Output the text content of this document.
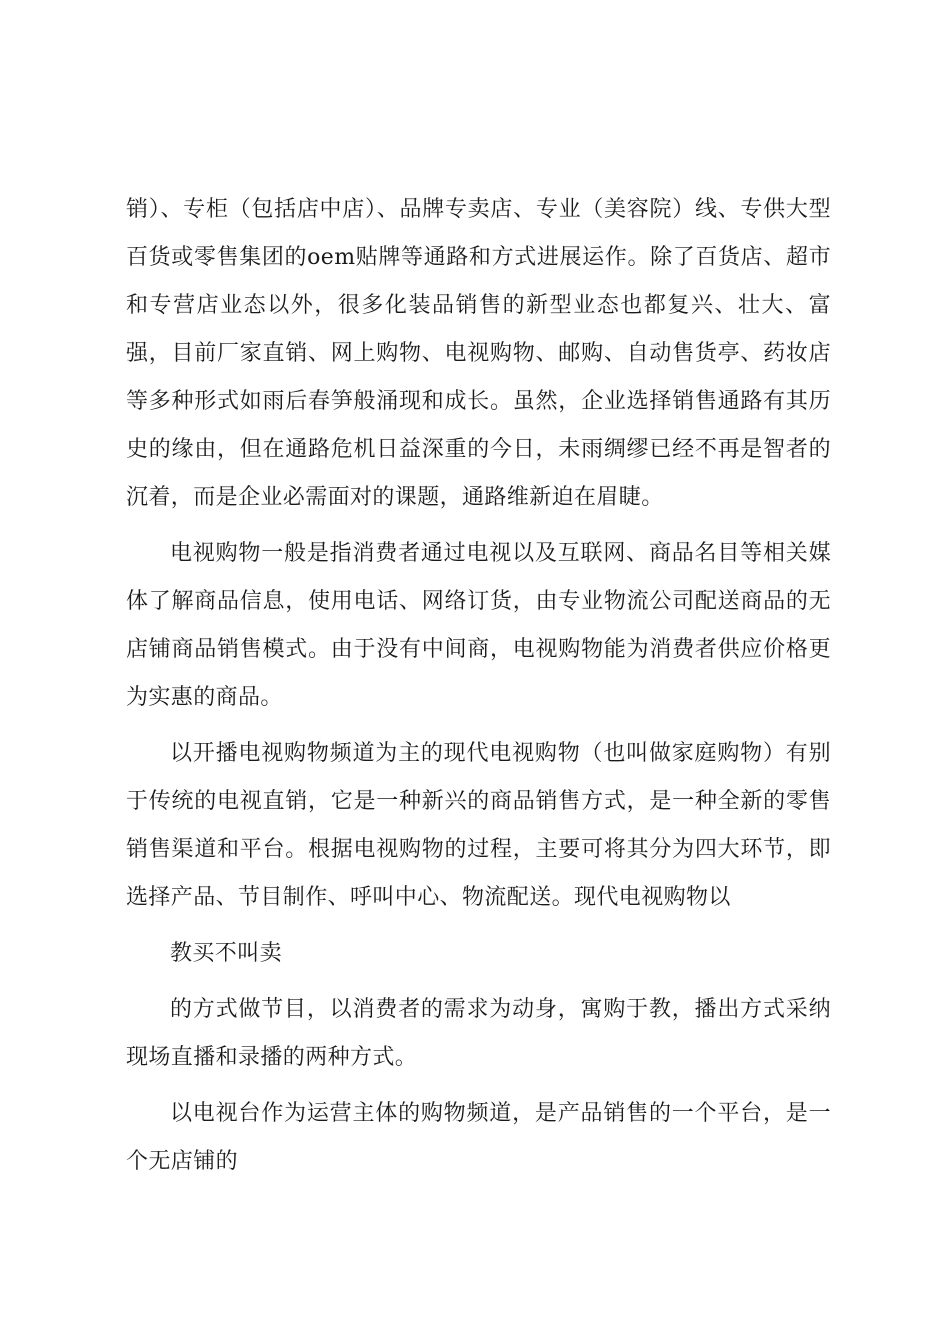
销）、专柜（包括店中店）、品牌专卖店、专业（美容院）线、专供大型百货或零售集团的oem贴牌等通路和方式进展运作。除了百货店、超市和专营店业态以外，很多化装品销售的新型业态也都复兴、壮大、富强，目前厂家直销、网上购物、电视购物、邮购、自动售货亭、药妆店等多种形式如雨后春笋般涌现和成长。虽然，企业选择销售通路有其历史的缘由，但在通路危机日益深重的今日，未雨绸缪已经不再是智者的沉着，而是企业必需面对的课题，通路维新迫在眉睫。

电视购物一般是指消费者通过电视以及互联网、商品名目等相关媒体了解商品信息，使用电话、网络订货，由专业物流公司配送商品的无店铺商品销售模式。由于没有中间商，电视购物能为消费者供应价格更为实惠的商品。

以开播电视购物频道为主的现代电视购物（也叫做家庭购物）有别于传统的电视直销，它是一种新兴的商品销售方式，是一种全新的零售销售渠道和平台。根据电视购物的过程，主要可将其分为四大环节，即选择产品、节目制作、呼叫中心、物流配送。现代电视购物以

教买不叫卖

的方式做节目，以消费者的需求为动身，寓购于教，播出方式采纳现场直播和录播的两种方式。

以电视台作为运营主体的购物频道，是产品销售的一个平台，是一个无店铺的
